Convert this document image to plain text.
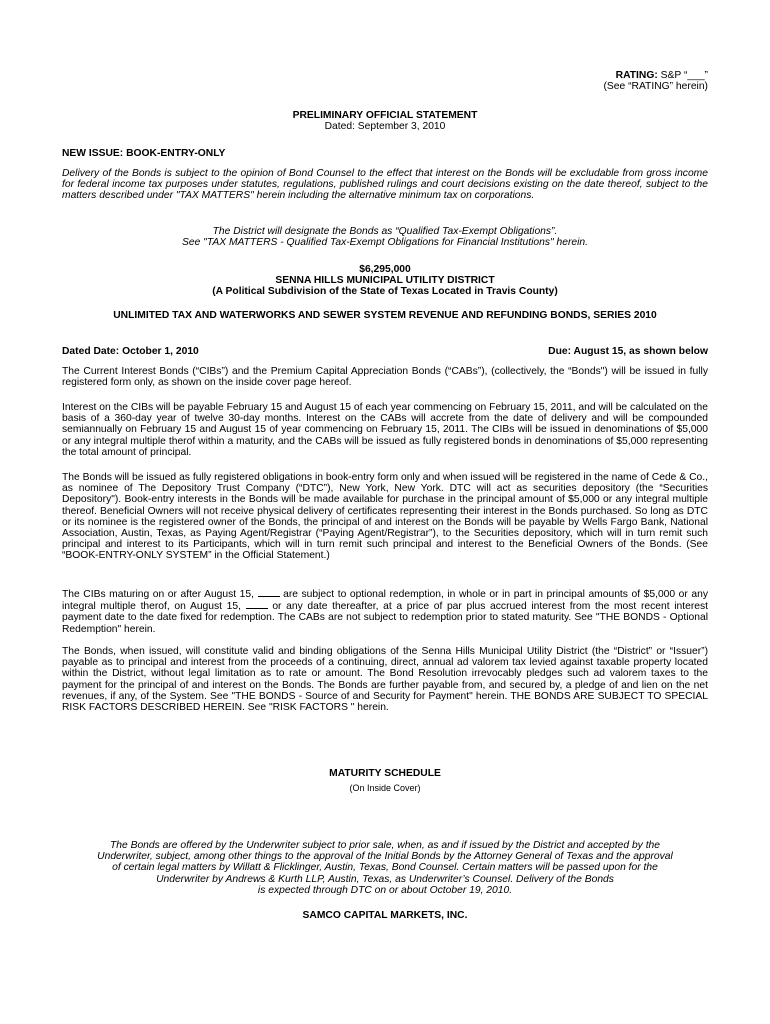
RATING: S&P “___”
(See “RATING” herein)

PRELIMINARY OFFICIAL STATEMENT

Dated: September 3, 2010

NEW ISSUE: BOOK-ENTRY-ONLY
Delivery of the Bonds is subject to the opinion of Bond Counsel to the effect that interest on the Bonds will be excludable from gross income for federal income tax purposes under statutes, regulations, published rulings and court decisions existing on the date thereof, subject to the matters described under "TAX MATTERS" herein including the alternative minimum tax on corporations.

The District will designate the Bonds as “Qualified Tax-Exempt Obligations”.

See "TAX MATTERS - Qualified Tax-Exempt Obligations for Financial Institutions" herein.

$6,295,000

SENNA HILLS MUNICIPAL UTILITY DISTRICT

(A Political Subdivision of the State of Texas Located in Travis County)

UNLIMITED TAX AND WATERWORKS AND SEWER SYSTEM REVENUE AND REFUNDING BONDS, SERIES 2010
Dated Date: October 1, 2010	Due: August 15, as shown below
The Current Interest Bonds (“CIBs”) and the Premium Capital Appreciation Bonds (“CABs”), (collectively, the “Bonds") will be issued in fully registered form only, as shown on the inside cover page hereof.
Interest on the CIBs will be payable February 15 and August 15 of each year commencing on February 15, 2011, and will be calculated on the basis of a 360-day year of twelve 30-day months. Interest on the CABs will accrete from the date of delivery and will be compounded semiannually on February 15 and August 15 of year commencing on February 15, 2011. The CIBs will be issued in denominations of $5,000 or any integral multiple therof within a maturity, and the CABs will be issued as fully registered bonds in denominations of $5,000 representing the total amount of principal.
The Bonds will be issued as fully registered obligations in book-entry form only and when issued will be registered in the name of Cede & Co., as nominee of The Depository Trust Company (“DTC”), New York, New York. DTC will act as securities depository (the “Securities Depository"). Book-entry interests in the Bonds will be made available for purchase in the principal amount of $5,000 or any integral multiple thereof. Beneficial Owners will not receive physical delivery of certificates representing their interest in the Bonds purchased. So long as DTC or its nominee is the registered owner of the Bonds, the principal of and interest on the Bonds will be payable by Wells Fargo Bank, National Association, Austin, Texas, as Paying Agent/Registrar (“Paying Agent/Registrar”), to the Securities depository, which will in turn remit such principal and interest to its Participants, which will in turn remit such principal and interest to the Beneficial Owners of the Bonds. (See “BOOK-ENTRY-ONLY SYSTEM” in the Official Statement.)
The CIBs maturing on or after August 15,  are subject to optional redemption, in whole or in part in principal amounts of $5,000 or any integral multiple therof, on August 15,  or any date thereafter, at a price of par plus accrued interest from the most recent interest payment date to the date fixed for redemption. The CABs are not subject to redemption prior to stated maturity. See "THE BONDS - Optional Redemption" herein.
The Bonds, when issued, will constitute valid and binding obligations of the Senna Hills Municipal Utility District (the “District” or “Issuer”) payable as to principal and interest from the proceeds of a continuing, direct, annual ad valorem tax levied against taxable property located within the District, without legal limitation as to rate or amount. The Bond Resolution irrevocably pledges such ad valorem taxes to the payment for the principal of and interest on the Bonds. The Bonds are further payable from, and secured by, a pledge of and lien on the net revenues, if any, of the System. See "THE BONDS - Source of and Security for Payment" herein. THE BONDS ARE SUBJECT TO SPECIAL RISK FACTORS DESCRIBED HEREIN. See "RISK FACTORS " herein.

MATURITY SCHEDULE

(On Inside Cover)

The Bonds are offered by the Underwriter subject to prior sale, when, as and if issued by the District and accepted by the

Underwriter, subject, among other things to the approval of the Initial Bonds by the Attorney General of Texas and the approval

of certain legal matters by Willatt & Flicklinger, Austin, Texas, Bond Counsel. Certain matters will be passed upon for the

Underwriter by Andrews & Kurth LLP, Austin, Texas, as Underwriter’s Counsel. Delivery of the Bonds

is expected through DTC on or about October 19, 2010.

SAMCO CAPITAL MARKETS, INC.
